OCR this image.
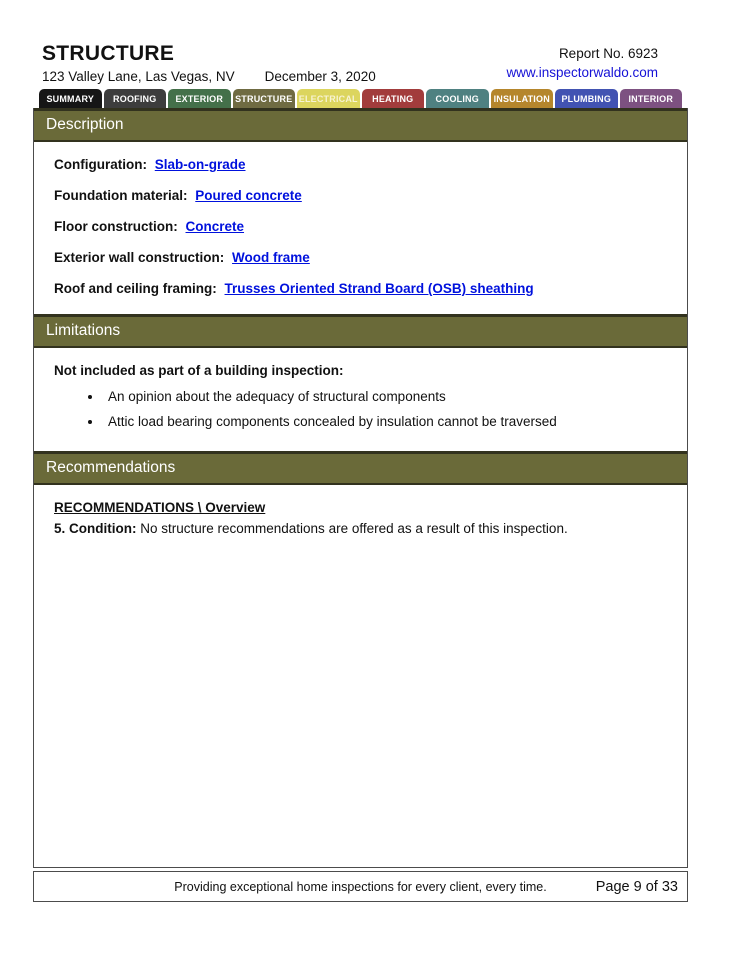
STRUCTURE
123 Valley Lane, Las Vegas, NV December 3, 2020
Report No. 6923
www.inspectorwaldo.com
SUMMARY	ROOFING	EXTERIOR	STRUCTURE ELECTRICAL	HEATING	COOLING	INSULATION	PLUMBING	INTERIOR
Description
Configuration: Slab-on-grade
Foundation material: Poured concrete
Floor construction: Concrete
Exterior wall construction: Wood frame
Roof and ceiling framing: Trusses Oriented Strand Board (OSB) sheathing
Limitations
Not included as part of a building inspection:
• An opinion about the adequacy of structural components
• Attic load bearing components concealed by insulation cannot be traversed
Recommendations
RECOMMENDATIONS \ Overview
5. Condition: No structure recommendations are offered as a result of this inspection.
Providing exceptional home inspections for every client, every time.	Page 9 of 33
